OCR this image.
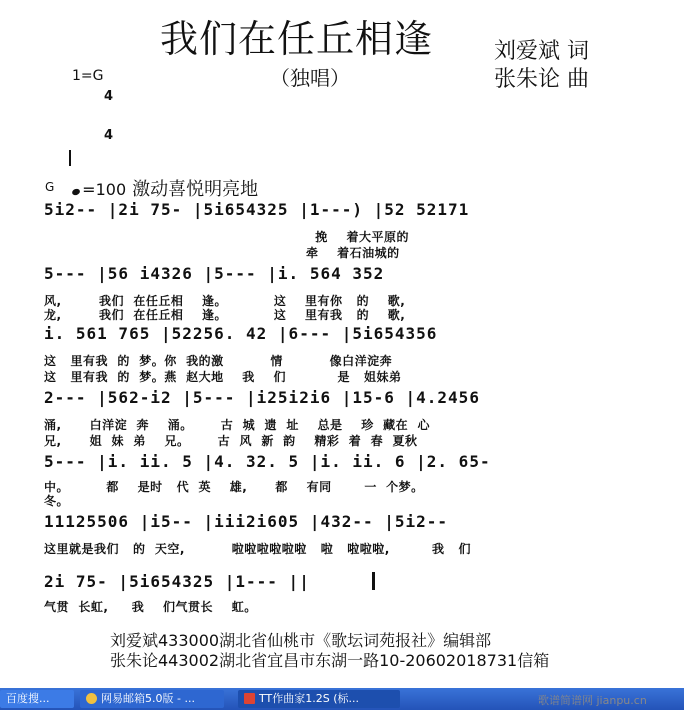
我们在任丘相逢
（独唱）
刘爱斌 词
张朱论 曲
1=G

4

4

=100 激动喜悦明亮地

G
5i2-- |2i 75- |5i654325 |1---) |52 52171
挽    着大平原的
牵    着石油城的
5--- |56 i4326 |5--- |i. 564 352
风,        我们  在任丘相    逢。          这    里有你   的    歌,
龙,        我们  在任丘相    逢。          这    里有我   的    歌,
i. 561 765 |52256. 42 |6--- |5i654356
这   里有我  的  梦。你  我的激          情          像白洋淀奔
这   里有我  的  梦。燕  赵大地    我    们           是   姐妹弟
2--- |562-i2 |5--- |i25i2i6 |15-6 |4.2456
涌,      白洋淀  奔    涌。      古  城  遗  址    总是    珍  藏在  心
兄,      姐  妹  弟    兄。      古  风  新  韵    精彩  着  春  夏秋
5--- |i. ii. 5 |4. 32. 5 |i. ii. 6 |2. 65-
中。        都    是时   代  英    雄,      都    有同       一  个梦。
冬。
11125506 |i5-- |iii2i605 |432-- |5i2--
这里就是我们   的  天空,          啦啦啦啦啦啦   啦   啦啦啦,         我   们
2i 75- |5i654325 |1--- ||
气贯  长虹,     我    们气贯长    虹。
刘爱斌433000湖北省仙桃市《歌坛词苑报社》编辑部
张朱论443002湖北省宜昌市东湖一路10-20602018731信箱
百度搜...	网易邮箱5.0版 - ...	TT作曲家1.2S (标...	歌谱简谱网 jianpu.cn
